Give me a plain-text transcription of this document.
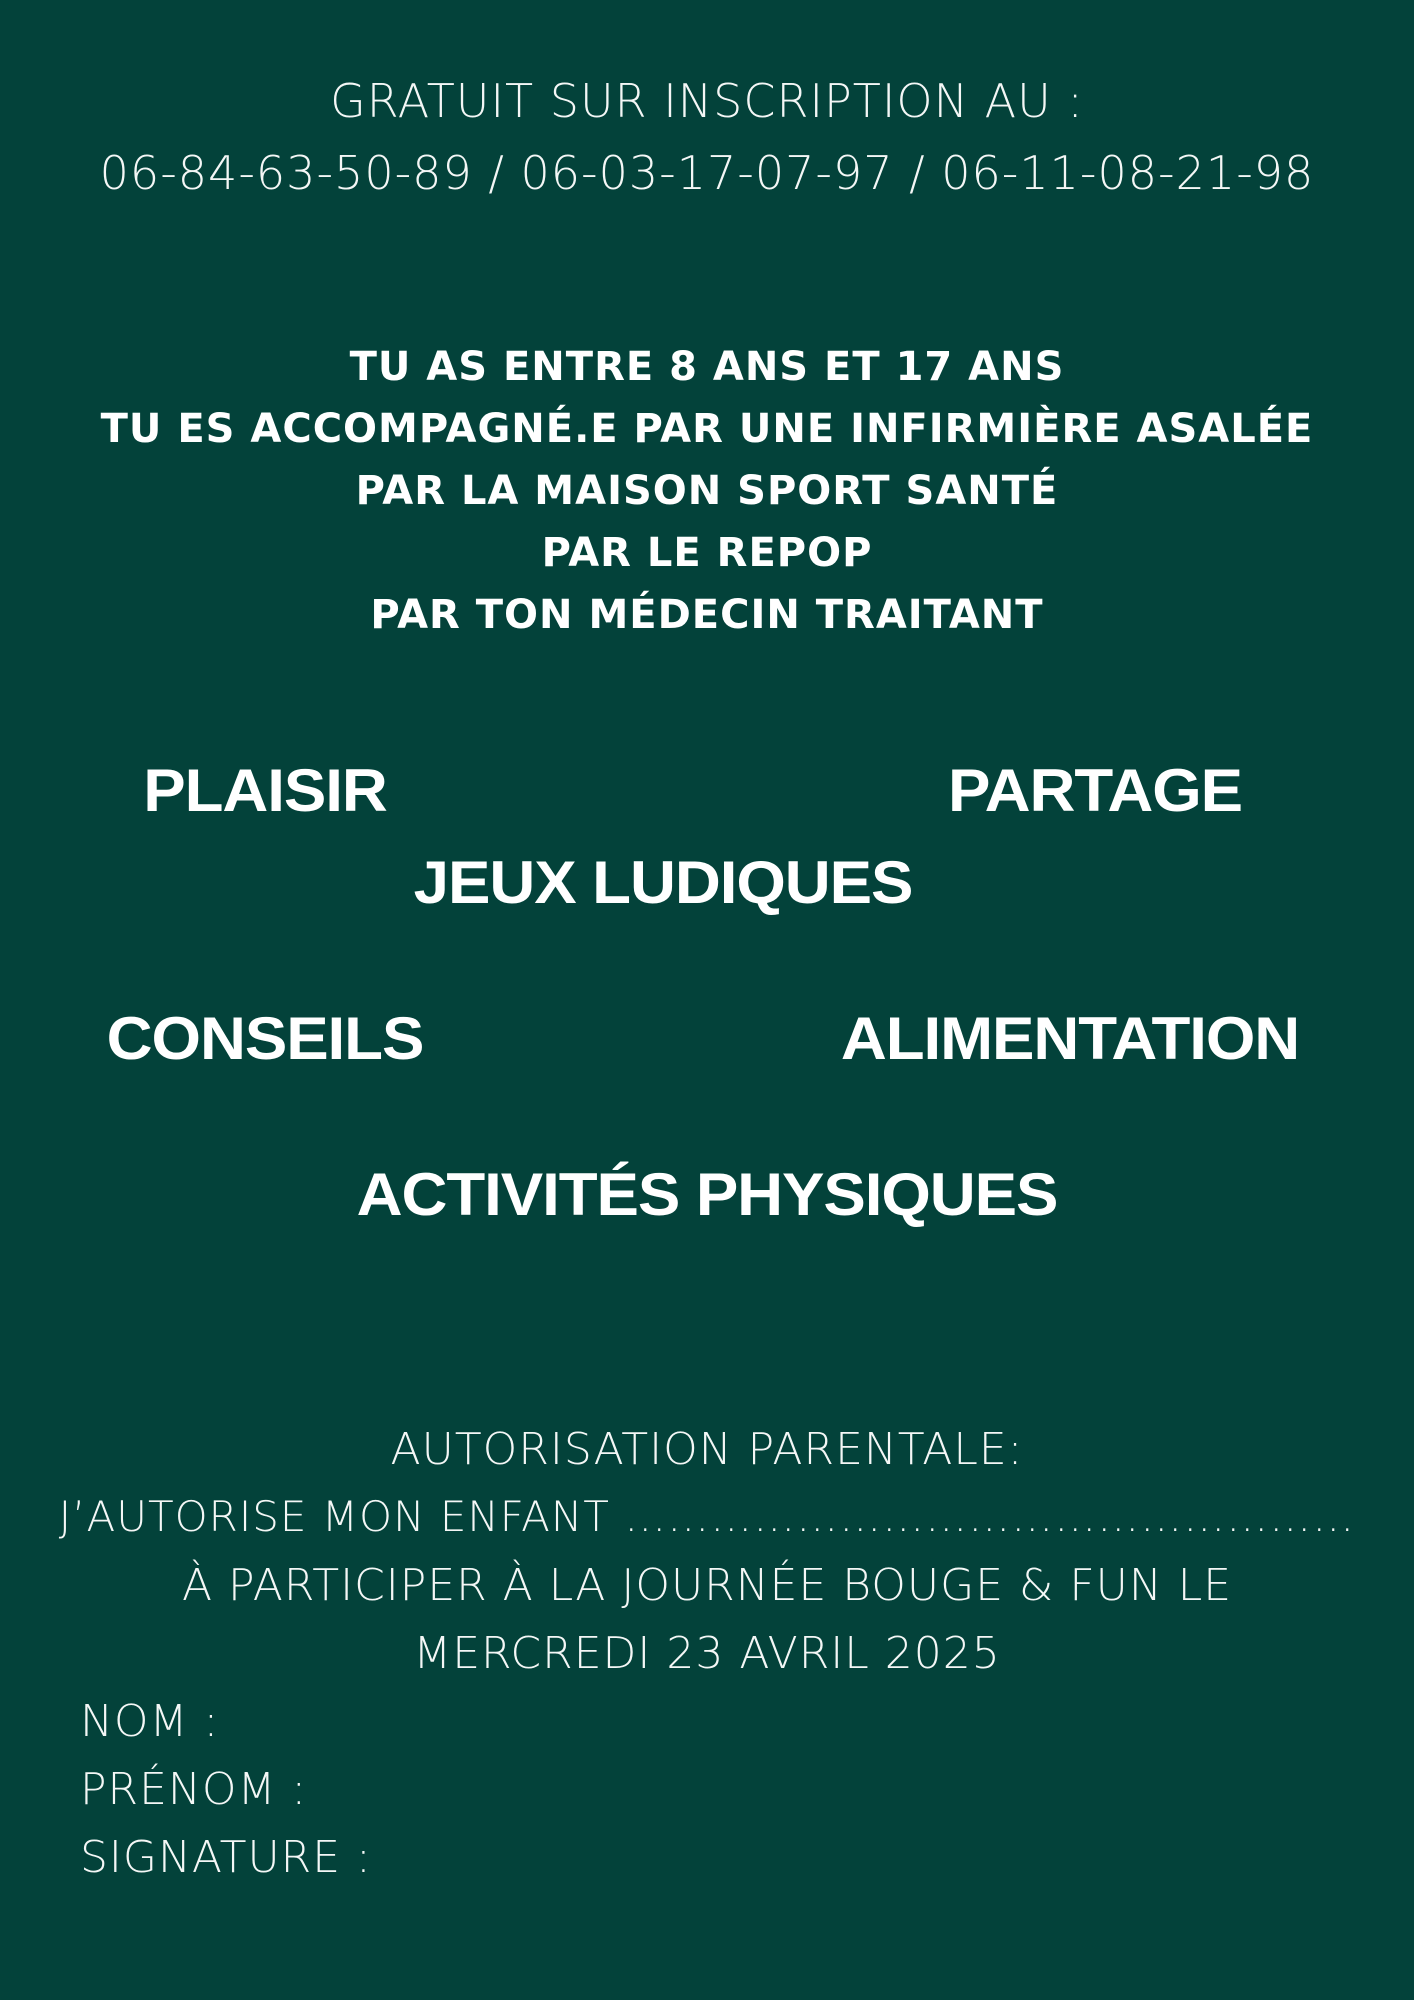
GRATUIT SUR INSCRIPTION AU :
06-84-63-50-89 / 06-03-17-07-97 / 06-11-08-21-98
TU AS ENTRE 8 ANS ET 17 ANS
TU ES ACCOMPAGNÉ.E PAR UNE INFIRMIÈRE ASALÉE
PAR LA MAISON SPORT SANTÉ
PAR LE REPOP
PAR TON MÉDECIN TRAITANT
PLAISIR	PARTAGE
JEUX LUDIQUES
CONSEILS	ALIMENTATION
ACTIVITÉS PHYSIQUES
AUTORISATION PARENTALE:
J’AUTORISE MON ENFANT ……………………………………………
À PARTICIPER À LA JOURNÉE BOUGE & FUN LE
MERCREDI 23 AVRIL 2025
NOM :
PRÉNOM :
SIGNATURE :
